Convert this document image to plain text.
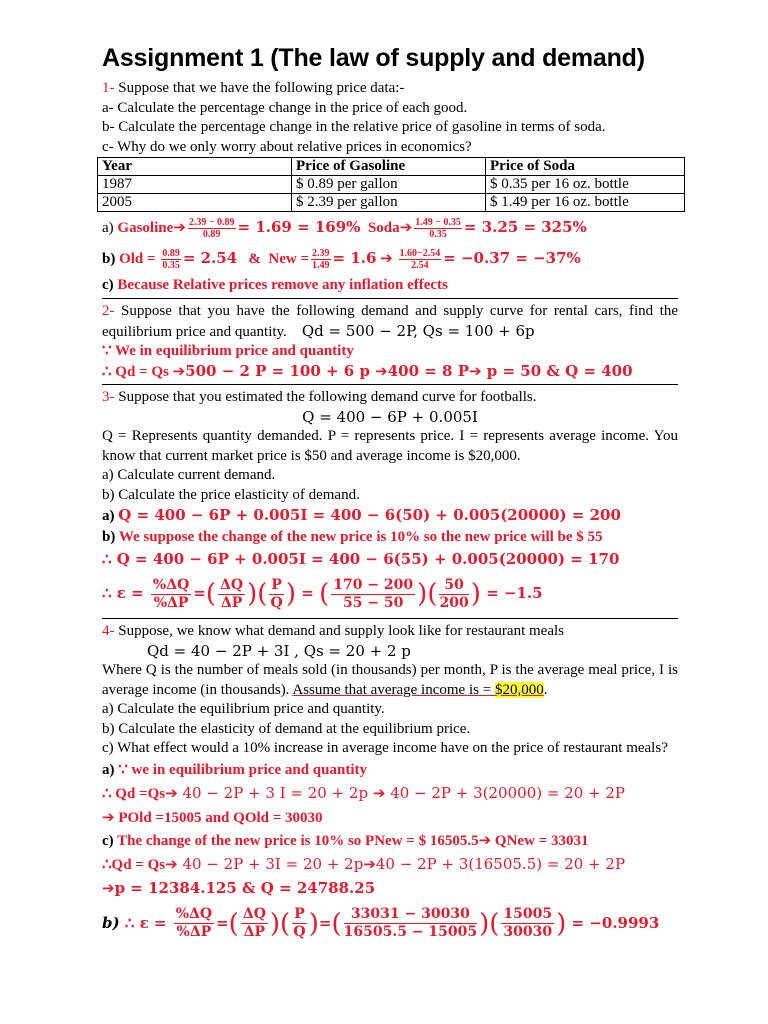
Assignment 1 (The law of supply and demand)
1- Suppose that we have the following price data:-
a- Calculate the percentage change in the price of each good.
b- Calculate the percentage change in the relative price of gasoline in terms of soda.
c- Why do we only worry about relative prices in economics?
Year	Price of Gasoline	Price of Soda
1987	$ 0.89 per gallon	$ 0.35 per 16 oz. bottle
2005	$ 2.39 per gallon	$ 1.49 per 16 oz. bottle
a) Gasoline➔ $\frac{2.39 - 0.89}{0.89} = 1.69 = 169\%$ Soda➔ $\frac{1.49 - 0.35}{0.35} = 3.25 = 325\%$
b) Old = $\frac{0.89}{0.35} = 2.54$ & New = $\frac{2.39}{1.49} = 1.6$ ➔ $\frac{1.60-2.54}{2.54} = -0.37 = -37\%$
c) Because Relative prices remove any inflation effects
2- Suppose that you have the following demand and supply curve for rental cars, find the equilibrium price and quantity. Qd = 500 − 2P, Qs = 100 + 6p
∵ We in equilibrium price and quantity
∴ Qd = Qs ➔500 − 2 P = 100 + 6 p ➔400 = 8 P➔ p = 50 & Q = 400
3- Suppose that you estimated the following demand curve for footballs.
Q = 400 − 6P + 0.005I
Q = Represents quantity demanded. P = represents price. I = represents average income. You know that current market price is $50 and average income is $20,000.
a) Calculate current demand.
b) Calculate the price elasticity of demand.
a) Q = 400 − 6P + 0.005I = 400 − 6(50) + 0.005(20000) = 200
b) We suppose the change of the new price is 10% so the new price will be $ 55
∴ Q = 400 − 6P + 0.005I = 400 − 6(55) + 0.005(20000) = 170
∴ $\varepsilon = \frac{\%\Delta Q}{\%\Delta P}$ =( $\frac{\Delta Q}{\Delta P}$ )( $\frac{P}{Q}$ ) = ( $\frac{170 - 200}{55 - 50}$ )( $\frac{50}{200}$ ) = −1.5
4- Suppose, we know what demand and supply look like for restaurant meals
Qd = 40 − 2P + 3I , Qs = 20 + 2 p
Where Q is the number of meals sold (in thousands) per month, P is the average meal price, I is average income (in thousands). Assume that average income is = $20,000.
a) Calculate the equilibrium price and quantity.
b) Calculate the elasticity of demand at the equilibrium price.
c) What effect would a 10% increase in average income have on the price of restaurant meals?
a) ∵ we in equilibrium price and quantity
∴ Qd =Qs➔ 40 − 2P + 3 I = 20 + 2p ➔ 40 − 2P + 3(20000) = 20 + 2P
➔ POld =15005 and QOld = 30030
c) The change of the new price is 10% so PNew = $ 16505.5➔ QNew = 33031
∴Qd = Qs➔ 40 − 2P + 3I = 20 + 2p➔40 − 2P + 3(16505.5) = 20 + 2P
➔p = 12384.125 & Q = 24788.25
b) ∴ $\varepsilon = \frac{\%\Delta Q}{\%\Delta P}$ =( $\frac{\Delta Q}{\Delta P}$ )( $\frac{P}{Q}$ )=( $\frac{33031 - 30030}{16505.5 - 15005}$ )( $\frac{15005}{30030}$ ) = −0.9993
